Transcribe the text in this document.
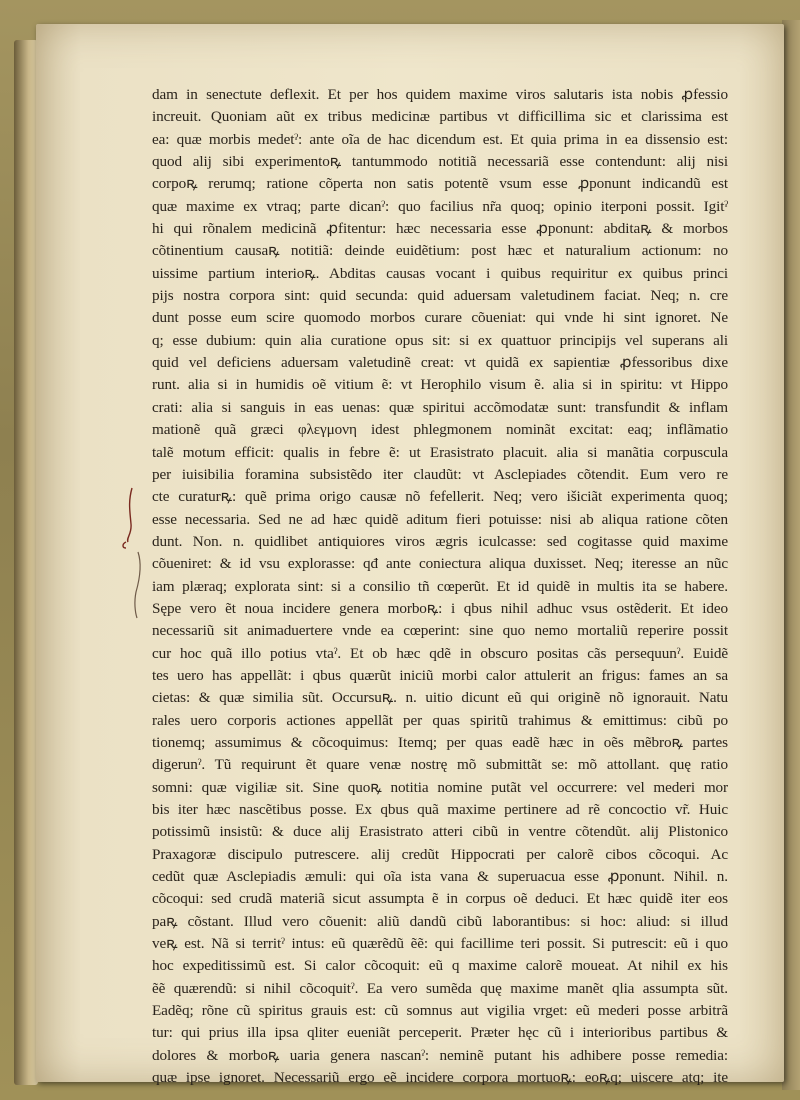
dam in senectute deflexit. Et per hos quidem maxime viros salutaris ista nobis ꝓfessio
increuit. Quoniam aũt ex tribus medicinæ partibus vt difficillima sic et clarissima est
ea: quæ morbis medetˀ: ante oĩa de hac dicendum est. Et quia prima in ea dissensio est:
quod alij sibi experimentoꝶ tantummodo notitiã necessariã esse contendunt: alij nisi
corpoꝶ rerumq; ratione cõperta non satis potentẽ vsum esse ꝓponunt indicandũ est
quæ maxime ex vtraq; parte dicanˀ: quo facilius nr̃a quoq; opinio iterponi possit. Igitˀ
hi qui rõnalem medicinã ꝓfitentur: hæc necessaria esse ꝓponunt: abditaꝶ & morbos
cõtinentium causaꝶ notitiã: deinde euidẽtium: post hæc et naturalium actionum: no
uissime partium interioꝶ. Abditas causas vocant i quibus requiritur ex quibus princi
pijs nostra corpora sint: quid secunda: quid aduersam valetudinem faciat. Neq; n. cre
dunt posse eum scire quomodo morbos curare cõueniat: qui vnde hi sint ignoret. Ne
q; esse dubium: quin alia curatione opus sit: si ex quattuor principijs vel superans ali
quid vel deficiens aduersam valetudinẽ creat: vt quidã ex sapientiæ ꝓfessoribus dixe
runt. alia si in humidis oẽ vitium ẽ: vt Herophilo visum ẽ. alia si in spiritu: vt Hippo
crati: alia si sanguis in eas uenas: quæ spiritui accõmodatæ sunt: transfundit & inflam
mationẽ quã græci φλεγμονη idest phlegmonem nominãt excitat: eaq; inflãmatio
talẽ motum efficit: qualis in febre ẽ: ut Erasistrato placuit. alia si manãtia corpuscula
per iuisibilia foramina subsistẽdo iter claudũt: vt Asclepiades cõtendit. Eum vero re
cte curaturꝶ: quẽ prima origo causæ nõ fefellerit. Neq; vero išiciãt experimenta quoq;
esse necessaria. Sed ne ad hæc quidẽ aditum fieri potuisse: nisi ab aliqua ratione cõten
dunt. Non. n. quidlibet antiquiores viros ægris iculcasse: sed cogitasse quid maxime
cõueniret: & id vsu explorasse: qđ ante coniectura aliqua duxisset. Neq; iteresse an nũc
iam plæraq; explorata sint: si a consilio tñ cœperũt. Et id quidẽ in multis ita se habere.
Sępe vero ẽt noua incidere genera morboꝶ: i qbus nihil adhuc vsus ostẽderit. Et ideo
necessariũ sit animaduertere vnde ea cœperint: sine quo nemo mortaliũ reperire possit
cur hoc quã illo potius vtaˀ. Et ob hæc qdẽ in obscuro positas cãs persequunˀ. Euidẽ
tes uero has appellãt: i qbus quærũt iniciũ morbi calor attulerit an frigus: fames an sa
cietas: & quæ similia sũt. Occursuꝶ. n. uitio dicunt eũ qui originẽ nõ ignorauit. Natu
rales uero corporis actiones appellãt per quas spiritũ trahimus & emittimus: cibũ po
tionemq; assumimus & cõcoquimus: Itemq; per quas eadẽ hæc in oẽs mẽbroꝶ partes
digerunˀ. Tũ requirunt ẽt quare venæ nostrę mõ submittãt se: mõ attollant. quę ratio
somni: quæ vigiliæ sit. Sine quoꝶ notitia nomine putãt vel occurrere: vel mederi mor
bis iter hæc nascẽtibus posse. Ex qbus quã maxime pertinere ad rẽ concoctio vr̃. Huic
potissimũ insistũ: & duce alij Erasistrato atteri cibũ in ventre cõtendũt. alij Plistonico
Praxagoræ discipulo putrescere. alij credũt Hippocrati per calorẽ cibos cõcoqui. Ac
cedũt quæ Asclepiadis æmuli: qui oĩa ista vana & superuacua esse ꝓponunt. Nihil. n.
cõcoqui: sed crudã materiã sicut assumpta ẽ in corpus oẽ deduci. Et hæc quidẽ iter eos
paꝶ cõstant. Illud vero cõuenit: aliũ dandũ cibũ laborantibus: si hoc: aliud: si illud
veꝶ est. Nã si territˀ intus: eũ quærẽdũ ẽẽ: qui facillime teri possit. Si putrescit: eũ i quo
hoc expeditissimũ est. Si calor cõcoquit: eũ q maxime calorẽ moueat. At nihil ex his
ẽẽ quærendũ: si nihil cõcoquitˀ. Ea vero sumẽda quę maxime manẽt qlia assumpta sũt.
Eadẽq; rõne cũ spiritus grauis est: cũ somnus aut vigilia vrget: eũ mederi posse arbitrã
tur: qui prius illa ipsa qliter eueniãt perceperit. Præter hęc cũ i interioribus partibus &
dolores & morboꝶ uaria genera nascanˀ: neminẽ putant his adhibere posse remedia:
quæ ipse ignoret. Necessariũ ergo eẽ incidere corpora mortuoꝶ: eoꝶq; uiscere atq; ite
